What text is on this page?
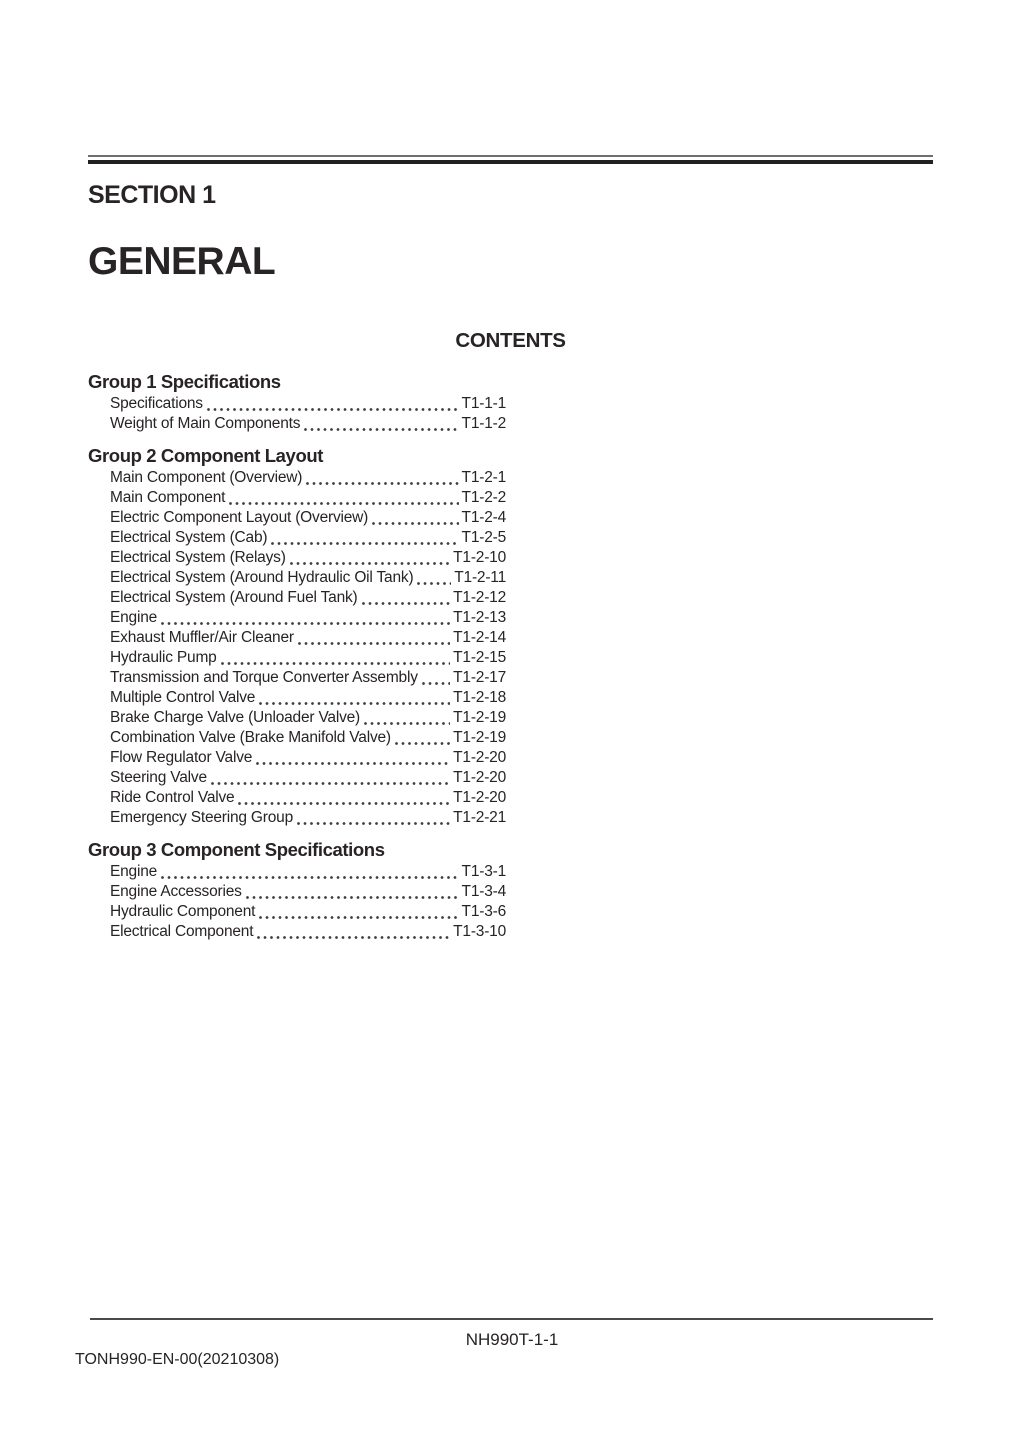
SECTION 1
GENERAL
CONTENTS
Group 1 Specifications
Specifications	T1-1-1
Weight of Main Components	T1-1-2
Group 2 Component Layout
Main Component (Overview)	T1-2-1
Main Component	T1-2-2
Electric Component Layout (Overview)	T1-2-4
Electrical System (Cab)	T1-2-5
Electrical System (Relays)	T1-2-10
Electrical System (Around Hydraulic Oil Tank)	T1-2-11
Electrical System (Around Fuel Tank)	T1-2-12
Engine	T1-2-13
Exhaust Muffler/Air Cleaner	T1-2-14
Hydraulic Pump	T1-2-15
Transmission and Torque Converter Assembly T1-2-17
Multiple Control Valve	T1-2-18
Brake Charge Valve (Unloader Valve)	T1-2-19
Combination Valve (Brake Manifold Valve)	T1-2-19
Flow Regulator Valve	T1-2-20
Steering Valve	T1-2-20
Ride Control Valve	T1-2-20
Emergency Steering Group	T1-2-21
Group 3 Component Specifications
Engine	T1-3-1
Engine Accessories	T1-3-4
Hydraulic Component	T1-3-6
Electrical Component	T1-3-10
NH990T-1-1
TONH990-EN-00(20210308)
